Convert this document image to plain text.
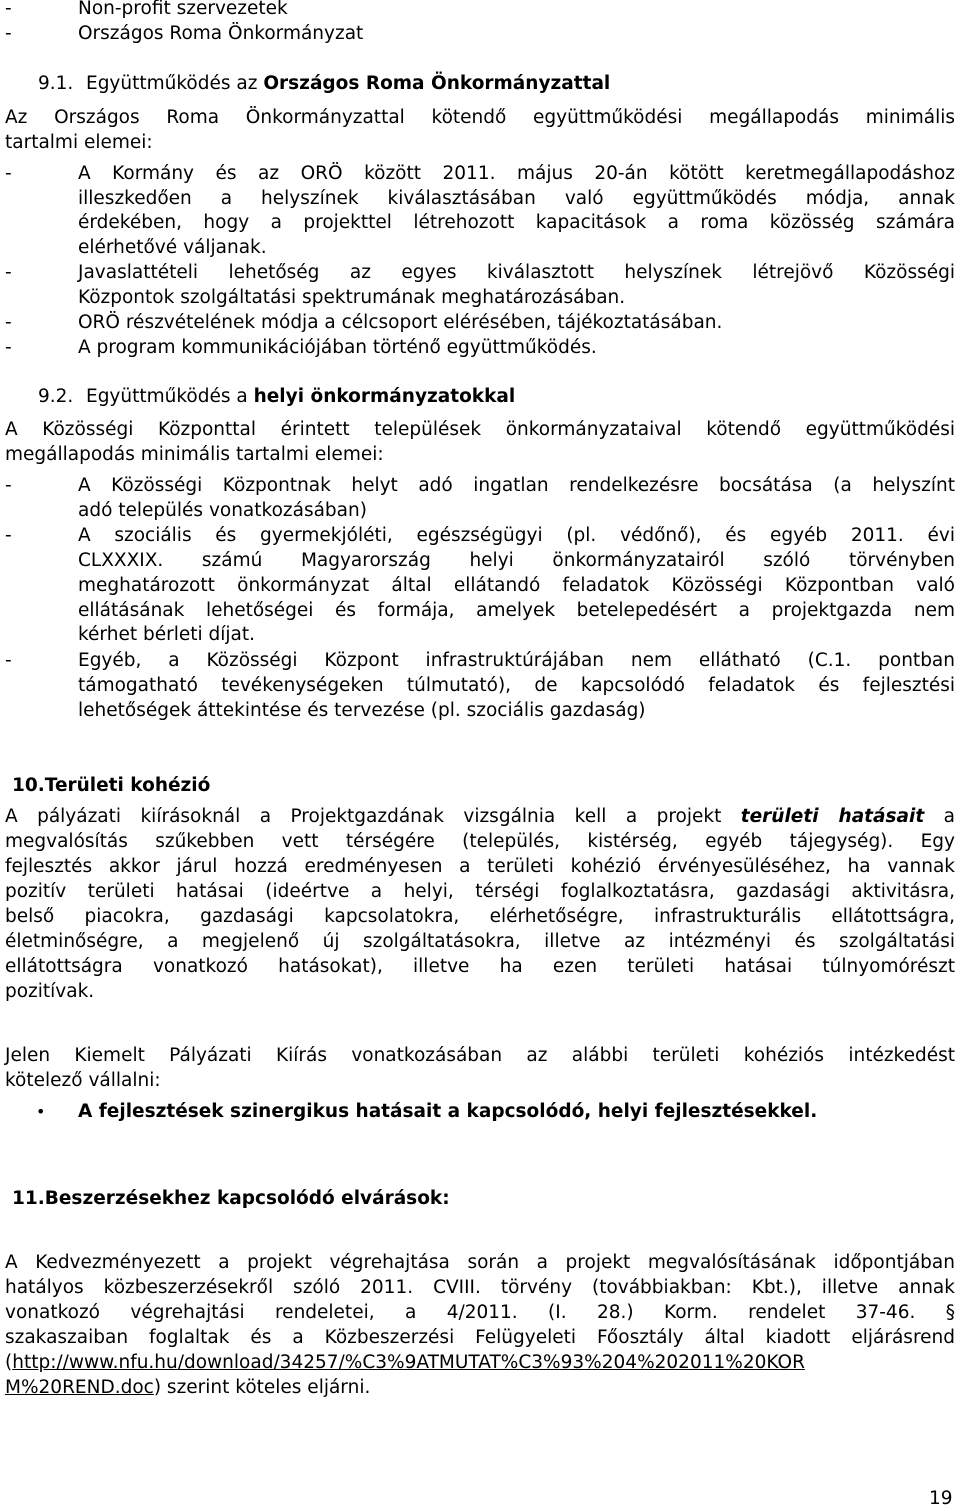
-	Non-profit szervezetek
-	Országos Roma Önkormányzat
9.1. Együttműködés az Országos Roma Önkormányzattal
Az Országos Roma Önkormányzattal kötendő együttműködési megállapodás minimális
tartalmi elemei:
-	A Kormány és az ORÖ között 2011. május 20-án kötött keretmegállapodáshoz
illeszkedően a helyszínek kiválasztásában való együttműködés módja, annak
érdekében, hogy a projekttel létrehozott kapacitások a roma közösség számára
elérhetővé váljanak.
-	Javaslattételi lehetőség az egyes kiválasztott helyszínek létrejövő Közösségi
Központok szolgáltatási spektrumának meghatározásában.
-	ORÖ részvételének módja a célcsoport elérésében, tájékoztatásában.
-	A program kommunikációjában történő együttműködés.
9.2. Együttműködés a helyi önkormányzatokkal
A Közösségi Központtal érintett települések önkormányzataival kötendő együttműködési
megállapodás minimális tartalmi elemei:
-	A Közösségi Központnak helyt adó ingatlan rendelkezésre bocsátása (a helyszínt
adó település vonatkozásában)
-	A szociális és gyermekjóléti, egészségügyi (pl. védőnő), és egyéb 2011. évi
CLXXXIX. számú Magyarország helyi önkormányzatairól szóló törvényben
meghatározott önkormányzat által ellátandó feladatok Közösségi Központban való
ellátásának lehetőségei és formája, amelyek betelepedésért a projektgazda nem
kérhet bérleti díjat.
-	Egyéb, a Közösségi Központ infrastruktúrájában nem ellátható (C.1. pontban
támogatható tevékenységeken túlmutató), de kapcsolódó feladatok és fejlesztési
lehetőségek áttekintése és tervezése (pl. szociális gazdaság)
10.Területi kohézió
A pályázati kiírásoknál a Projektgazdának vizsgálnia kell a projekt területi hatásait a
megvalósítás szűkebben vett térségére (település, kistérség, egyéb tájegység). Egy
fejlesztés akkor járul hozzá eredményesen a területi kohézió érvényesüléséhez, ha vannak
pozitív területi hatásai (ideértve a helyi, térségi foglalkoztatásra, gazdasági aktivitásra,
belső piacokra, gazdasági kapcsolatokra, elérhetőségre, infrastrukturális ellátottságra,
életminőségre, a megjelenő új szolgáltatásokra, illetve az intézményi és szolgáltatási
ellátottságra vonatkozó hatásokat), illetve ha ezen területi hatásai túlnyomórészt
pozitívak.
Jelen Kiemelt Pályázati Kiírás vonatkozásában az alábbi területi kohéziós intézkedést
kötelező vállalni:
• A fejlesztések szinergikus hatásait a kapcsolódó, helyi fejlesztésekkel.
11.Beszerzésekhez kapcsolódó elvárások:
A Kedvezményezett a projekt végrehajtása során a projekt megvalósításának időpontjában
hatályos közbeszerzésekről szóló 2011. CVIII. törvény (továbbiakban: Kbt.), illetve annak
vonatkozó végrehajtási rendeletei, a 4/2011. (I. 28.) Korm. rendelet 37-46. §
szakaszaiban foglaltak és a Közbeszerzési Felügyeleti Főosztály által kiadott eljárásrend
(http://www.nfu.hu/download/34257/%C3%9ATMUTAT%C3%93%204%202011%20KOR
M%20REND.doc) szerint köteles eljárni.
19
